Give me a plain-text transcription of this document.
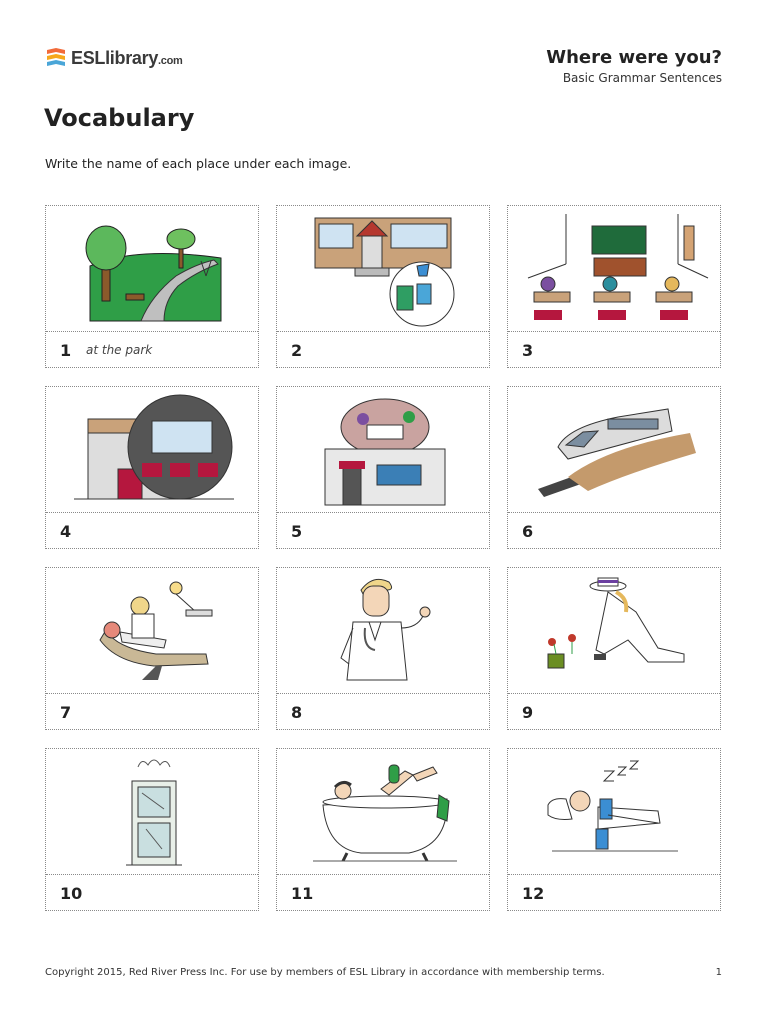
ESLlibrary.com	Where were you?
Basic Grammar Sentences
Vocabulary
Write the name of each place under each image.
1	at the park	2	3
4	5	6
7	8	9
10	11	12
Copyright 2015, Red River Press Inc. For use by members of ESL Library in accordance with membership terms.	1
